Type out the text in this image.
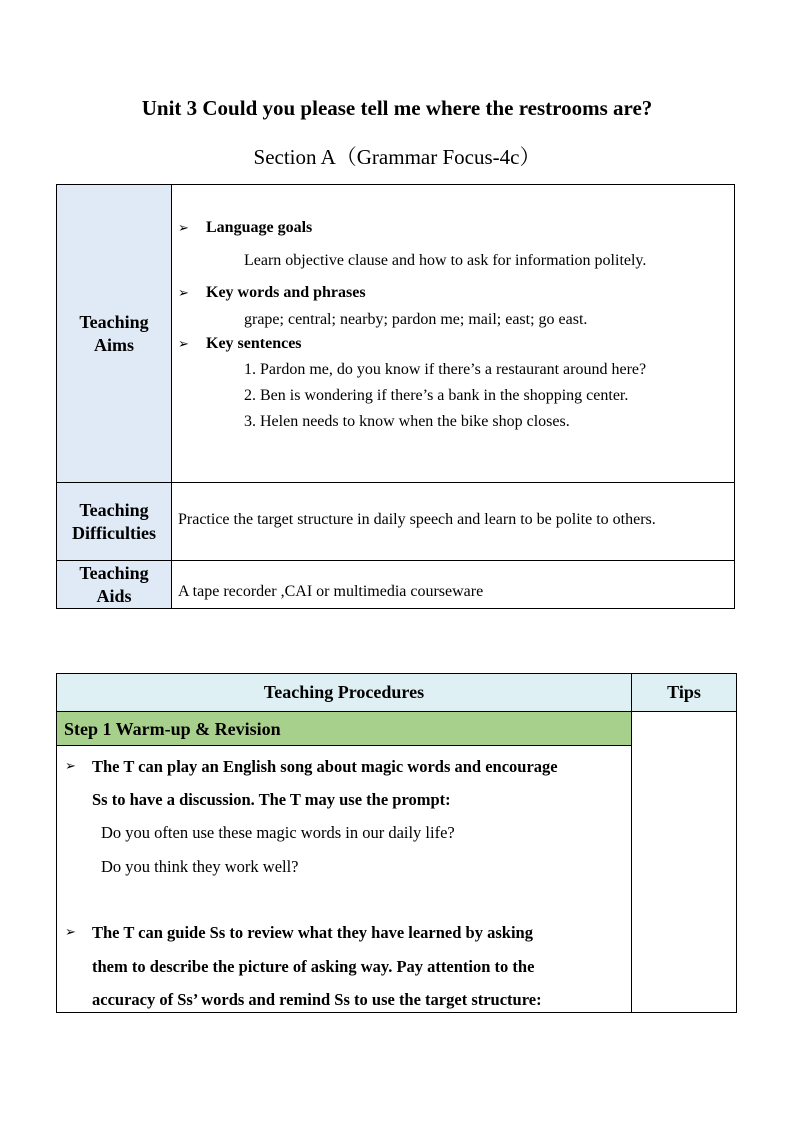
Unit 3 Could you please tell me where the restrooms are?
Section A（Grammar Focus-4c）
Teaching
Aims
➢ Language goals
Learn objective clause and how to ask for information politely.
➢ Key words and phrases
grape; central; nearby; pardon me; mail; east; go east.
➢ Key sentences
1. Pardon me, do you know if there’s a restaurant around here?
2. Ben is wondering if there’s a bank in the shopping center.
3. Helen needs to know when the bike shop closes.
Teaching
Difficulties
Practice the target structure in daily speech and learn to be polite to others.
Teaching
Aids	A tape recorder ,CAI or multimedia courseware
Teaching Procedures	Tips
Step 1 Warm-up & Revision
➢ The T can play an English song about magic words and encourage
Ss to have a discussion. The T may use the prompt:
Do you often use these magic words in our daily life?
Do you think they work well?
➢ The T can guide Ss to review what they have learned by asking
them to describe the picture of asking way. Pay attention to the
accuracy of Ss’ words and remind Ss to use the target structure:
